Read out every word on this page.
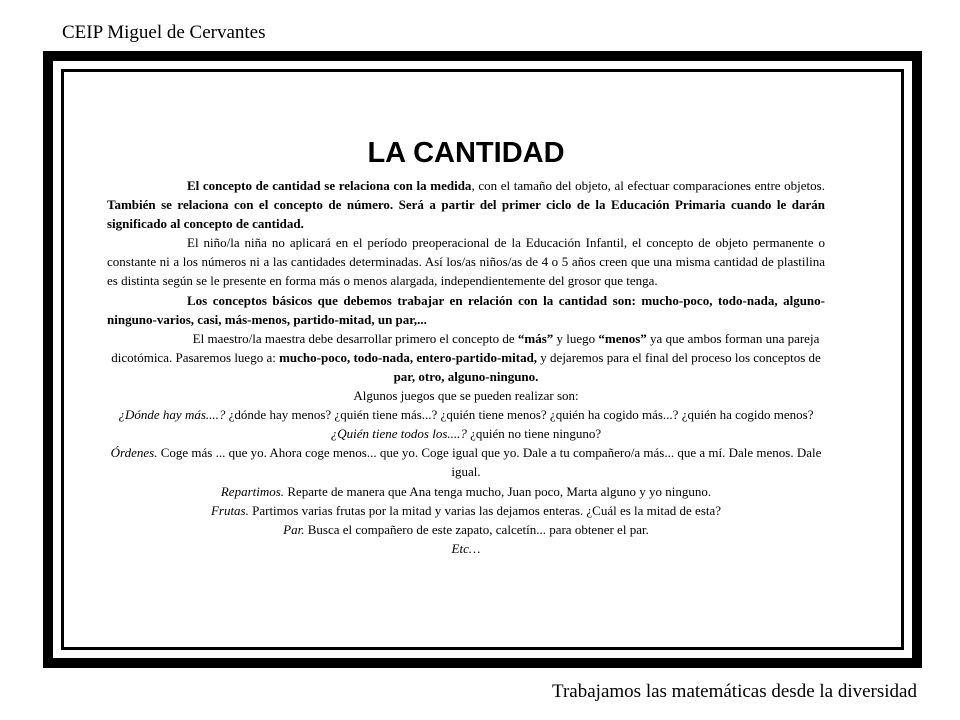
CEIP Miguel de Cervantes
LA CANTIDAD

El concepto de cantidad se relaciona con la medida, con el tamaño del objeto, al efectuar comparaciones entre objetos. También se relaciona con el concepto de número. Será a partir del primer ciclo de la Educación Primaria cuando le darán significado al concepto de cantidad.

El niño/la niña no aplicará en el período preoperacional de la Educación Infantil, el concepto de objeto permanente o constante ni a los números ni a las cantidades determinadas. Así los/as niños/as de 4 o 5 años creen que una misma cantidad de plastilina es distinta según se le presente en forma más o menos alargada, independientemente del grosor que tenga.

Los conceptos básicos que debemos trabajar en relación con la cantidad son: mucho-poco, todo-nada, alguno-ninguno-varios, casi, más-menos, partido-mitad, un par,...

El maestro/la maestra debe desarrollar primero el concepto de “más” y luego “menos” ya que ambos forman una pareja dicotómica. Pasaremos luego a: mucho-poco, todo-nada, entero-partido-mitad, y dejaremos para el final del proceso los conceptos de par, otro, alguno-ninguno.

Algunos juegos que se pueden realizar son:

¿Dónde hay más....? ¿dónde hay menos? ¿quién tiene más...? ¿quién tiene menos? ¿quién ha cogido más...? ¿quién ha cogido menos?

¿Quién tiene todos los....? ¿quién no tiene ninguno?

Órdenes. Coge más ... que yo. Ahora coge menos... que yo. Coge igual que yo. Dale a tu compañero/a más... que a mí. Dale menos. Dale igual.

Repartimos. Reparte de manera que Ana tenga mucho, Juan poco, Marta alguno y yo ninguno.

Frutas. Partimos varias frutas por la mitad y varias las dejamos enteras. ¿Cuál es la mitad de esta?

Par. Busca el compañero de este zapato, calcetín... para obtener el par.

Etc…

Trabajamos las matemáticas desde la diversidad
